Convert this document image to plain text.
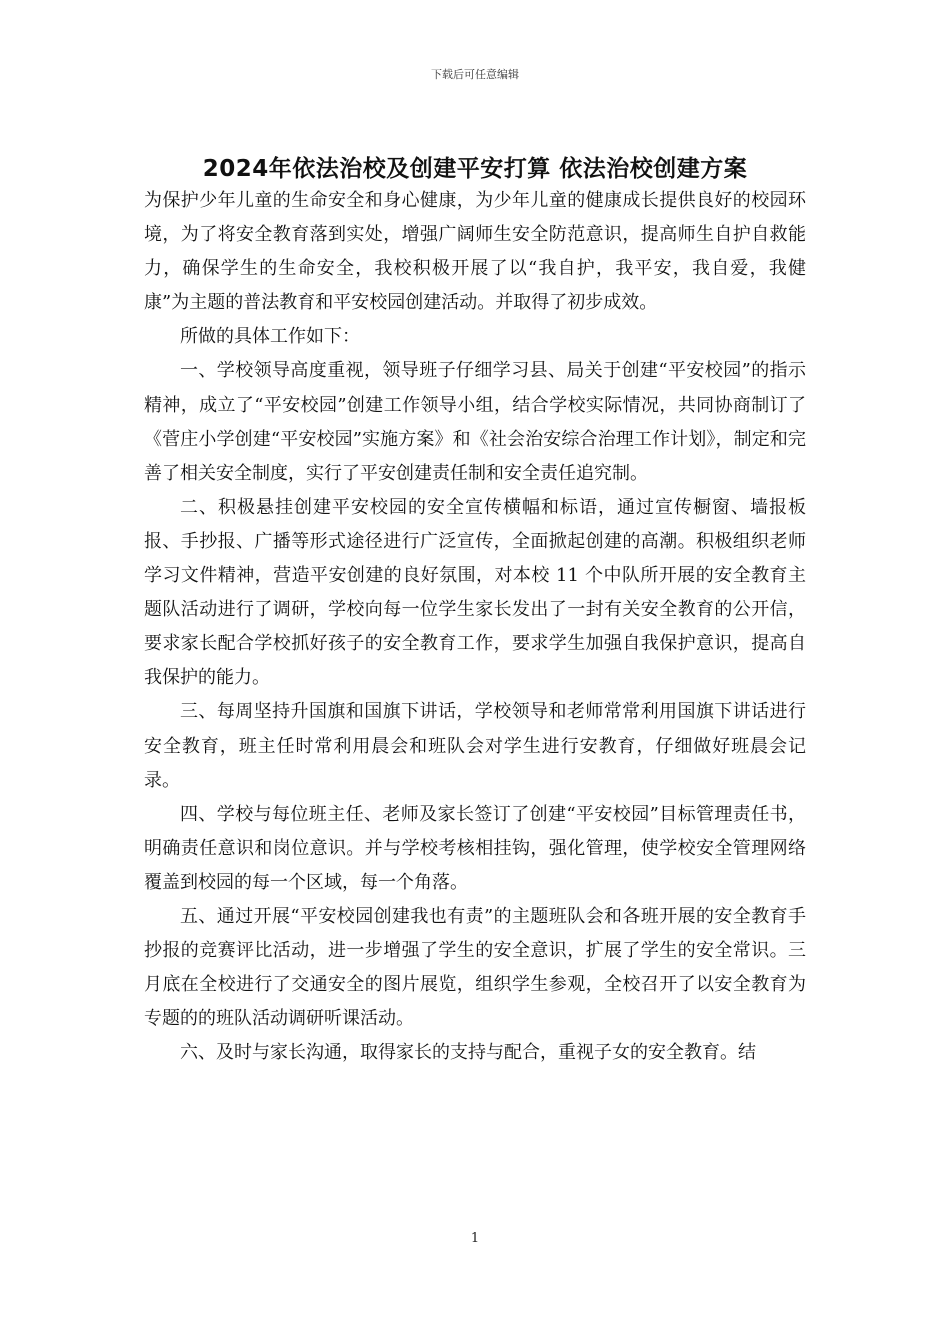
下载后可任意编辑
2024年依法治校及创建平安打算 依法治校创建方案

为保护少年儿童的生命安全和身心健康，为少年儿童的健康成长提供良好的校园环境，为了将安全教育落到实处，增强广阔师生安全防范意识，提高师生自护自救能力，确保学生的生命安全，我校积极开展了以“我自护，我平安，我自爱，我健康”为主题的普法教育和平安校园创建活动。并取得了初步成效。

所做的具体工作如下：

一、学校领导高度重视，领导班子仔细学习县、局关于创建“平安校园”的指示精神，成立了“平安校园”创建工作领导小组，结合学校实际情况，共同协商制订了《菅庄小学创建“平安校园”实施方案》和《社会治安综合治理工作计划》，制定和完善了相关安全制度，实行了平安创建责任制和安全责任追究制。

二、积极悬挂创建平安校园的安全宣传横幅和标语，通过宣传橱窗、墙报板报、手抄报、广播等形式途径进行广泛宣传，全面掀起创建的高潮。积极组织老师学习文件精神，营造平安创建的良好氛围，对本校 11 个中队所开展的安全教育主题队活动进行了调研，学校向每一位学生家长发出了一封有关安全教育的公开信，要求家长配合学校抓好孩子的安全教育工作，要求学生加强自我保护意识，提高自我保护的能力。

三、每周坚持升国旗和国旗下讲话，学校领导和老师常常利用国旗下讲话进行安全教育，班主任时常利用晨会和班队会对学生进行安教育，仔细做好班晨会记录。

四、学校与每位班主任、老师及家长签订了创建“平安校园”目标管理责任书，明确责任意识和岗位意识。并与学校考核相挂钩，强化管理，使学校安全管理网络覆盖到校园的每一个区域，每一个角落。

五、通过开展“平安校园创建我也有责”的主题班队会和各班开展的安全教育手抄报的竞赛评比活动，进一步增强了学生的安全意识，扩展了学生的安全常识。三月底在全校进行了交通安全的图片展览，组织学生参观，全校召开了以安全教育为专题的的班队活动调研听课活动。

六、及时与家长沟通，取得家长的支持与配合，重视子女的安全教育。结

1
